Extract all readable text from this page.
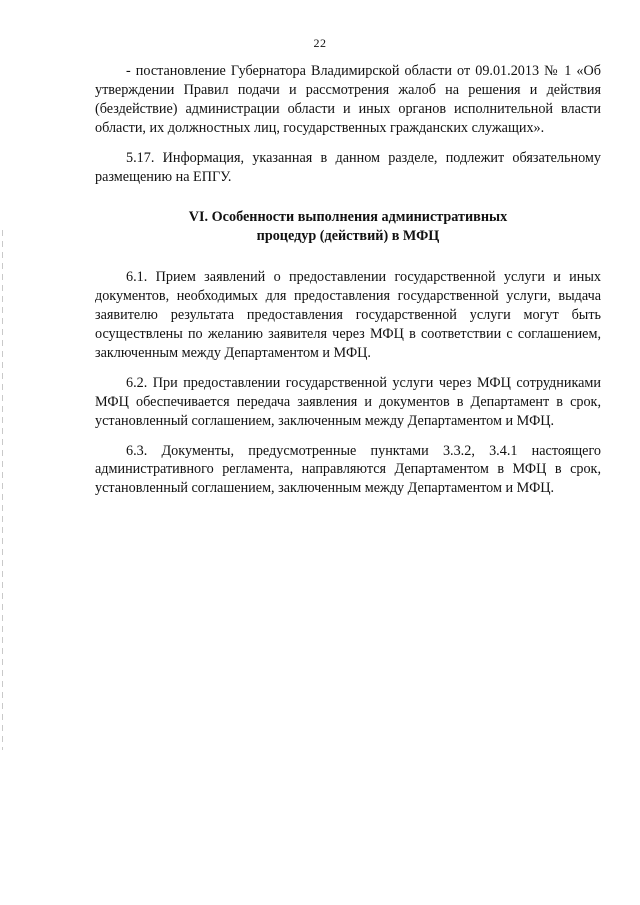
22

- постановление Губернатора Владимирской области от 09.01.2013 № 1 «Об утверждении Правил подачи и рассмотрения жалоб на решения и действия (бездействие) администрации области и иных органов исполнительной власти области, их должностных лиц, государственных гражданских служащих».

5.17. Информация, указанная в данном разделе, подлежит обязательному размещению на ЕПГУ.

VI. Особенности выполнения административных
процедур (действий) в МФЦ

6.1. Прием заявлений о предоставлении государственной услуги и иных документов, необходимых для предоставления государственной услуги, выдача заявителю результата предоставления государственной услуги могут быть осуществлены по желанию заявителя через МФЦ в соответствии с соглашением, заключенным между Департаментом и МФЦ.

6.2. При предоставлении государственной услуги через МФЦ сотрудниками МФЦ обеспечивается передача заявления и документов в Департамент в срок, установленный соглашением, заключенным между Департаментом и МФЦ.

6.3. Документы, предусмотренные пунктами 3.3.2, 3.4.1 настоящего административного регламента, направляются Департаментом в МФЦ в срок, установленный соглашением, заключенным между Департаментом и МФЦ.
